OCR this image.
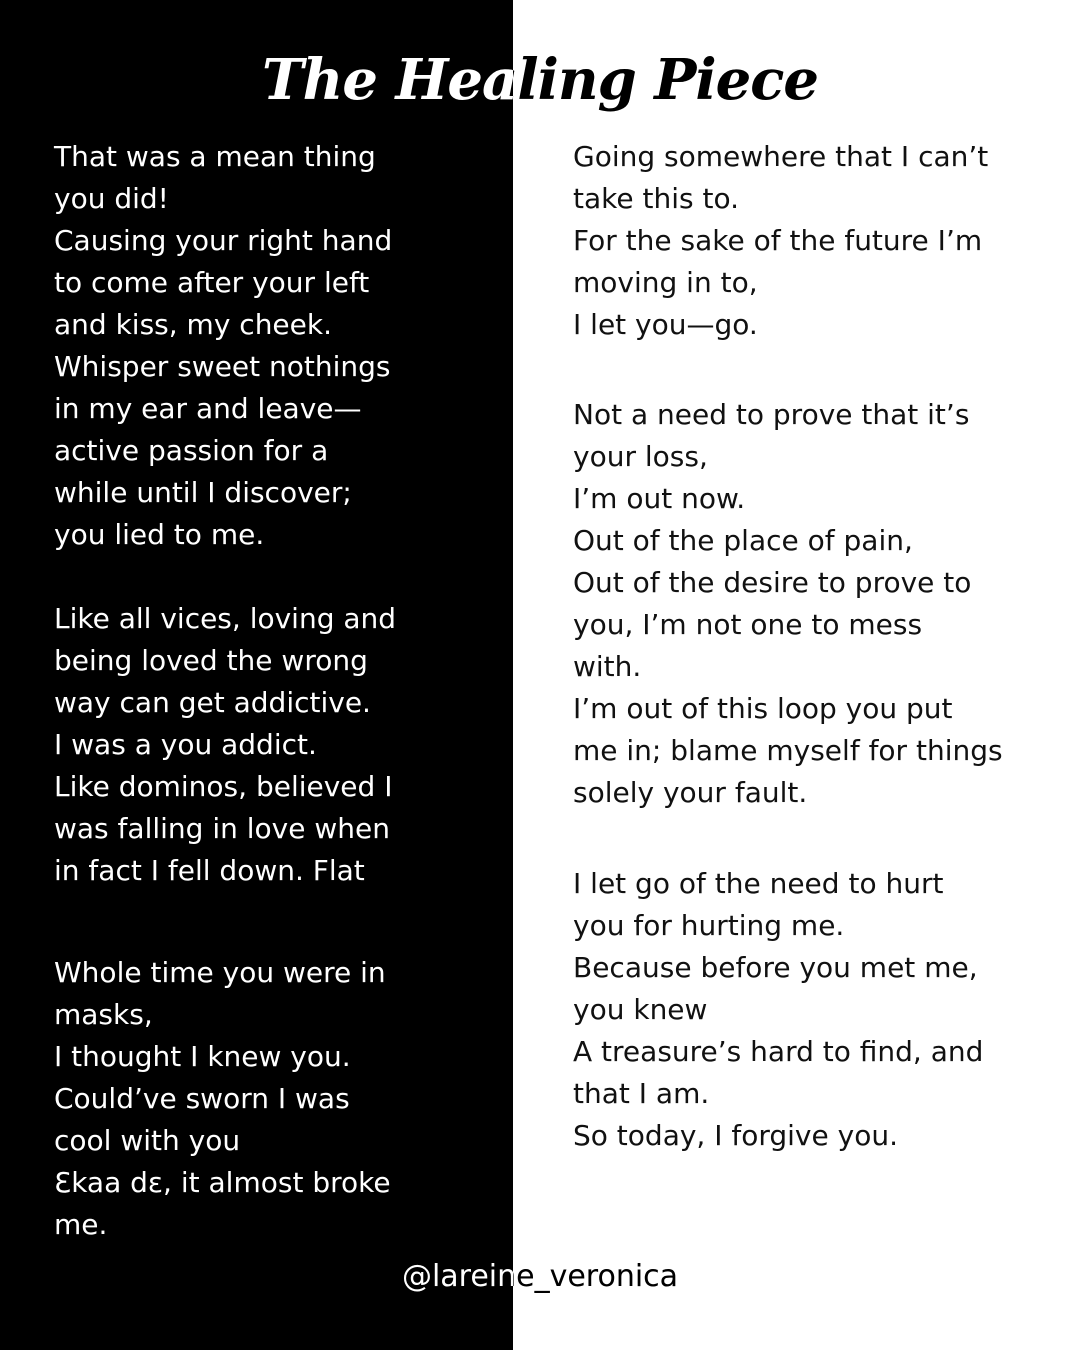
The Healing Piece
That was a mean thing
you did!
Causing your right hand
to come after your left
and kiss, my cheek.
Whisper sweet nothings
in my ear and leave—
active passion for a
while until I discover;
you lied to me.
Like all vices, loving and
being loved the wrong
way can get addictive.
I was a you addict.
Like dominos, believed I
was falling in love when
in fact I fell down. Flat
Whole time you were in
masks,
I thought I knew you.
Could’ve sworn I was
cool with you
Ɛkaa dɛ, it almost broke
me.
Going somewhere that I can’t
take this to.
For the sake of the future I’m
moving in to,
I let you—go.
Not a need to prove that it’s
your loss,
I’m out now.
Out of the place of pain,
Out of the desire to prove to
you, I’m not one to mess
with.
I’m out of this loop you put
me in; blame myself for things
solely your fault.
I let go of the need to hurt
you for hurting me.
Because before you met me,
you knew
A treasure’s hard to find, and
that I am.
So today, I forgive you.
@lareine_veronica
